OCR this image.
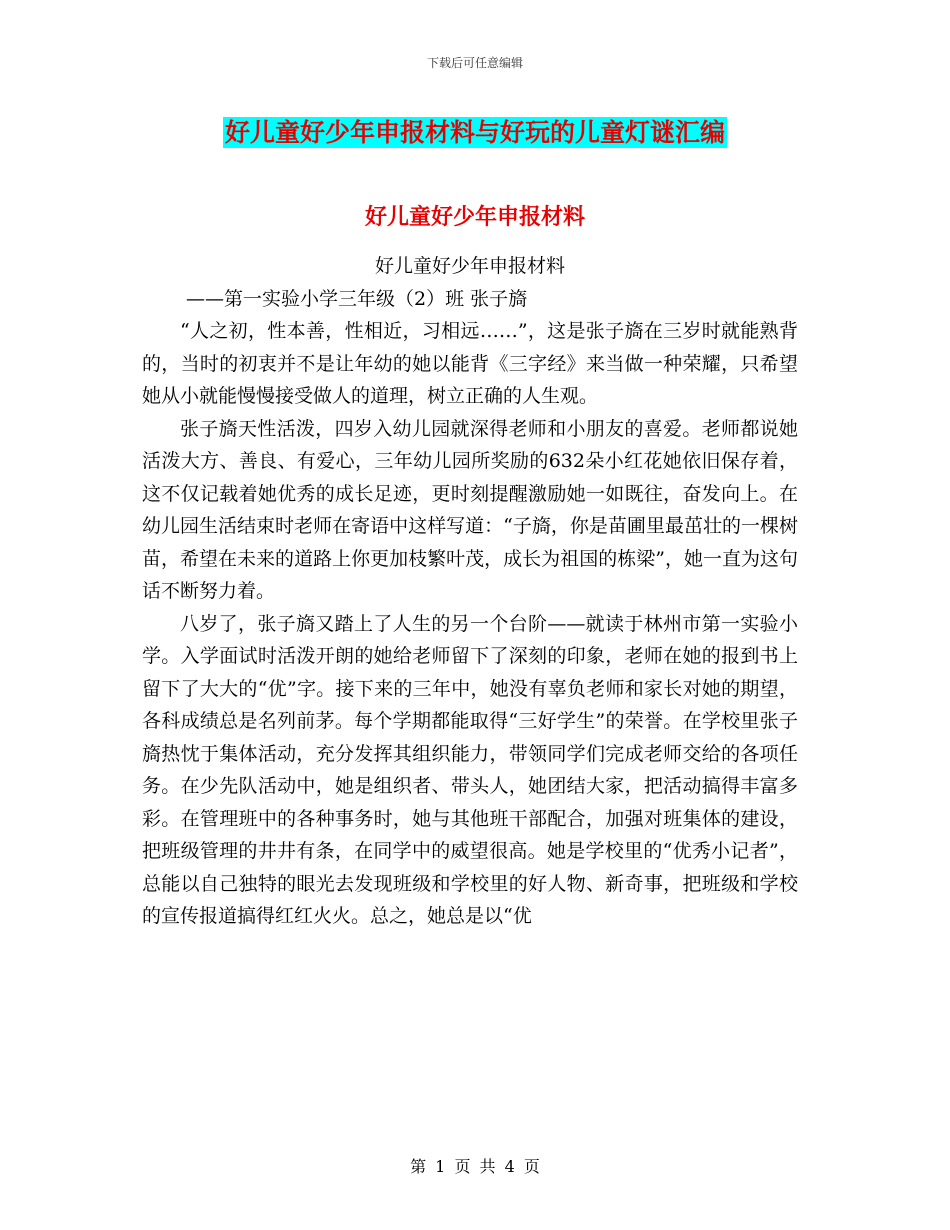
下载后可任意编辑
好儿童好少年申报材料与好玩的儿童灯谜汇编
好儿童好少年申报材料

好儿童好少年申报材料

——第一实验小学三年级（2）班 张子旖

“人之初，性本善，性相近，习相远……”，这是张子旖在三岁时就能熟背的，当时的初衷并不是让年幼的她以能背《三字经》来当做一种荣耀，只希望她从小就能慢慢接受做人的道理，树立正确的人生观。

张子旖天性活泼，四岁入幼儿园就深得老师和小朋友的喜爱。老师都说她活泼大方、善良、有爱心，三年幼儿园所奖励的632朵小红花她依旧保存着，这不仅记载着她优秀的成长足迹，更时刻提醒激励她一如既往，奋发向上。在幼儿园生活结束时老师在寄语中这样写道：“子旖，你是苗圃里最茁壮的一棵树苗，希望在未来的道路上你更加枝繁叶茂，成长为祖国的栋梁”，她一直为这句话不断努力着。

八岁了，张子旖又踏上了人生的另一个台阶——就读于林州市第一实验小学。入学面试时活泼开朗的她给老师留下了深刻的印象，老师在她的报到书上留下了大大的“优”字。接下来的三年中，她没有辜负老师和家长对她的期望，各科成绩总是名列前茅。每个学期都能取得“三好学生”的荣誉。在学校里张子旖热忱于集体活动，充分发挥其组织能力，带领同学们完成老师交给的各项任务。在少先队活动中，她是组织者、带头人，她团结大家，把活动搞得丰富多彩。在管理班中的各种事务时，她与其他班干部配合，加强对班集体的建设，把班级管理的井井有条，在同学中的威望很高。她是学校里的“优秀小记者”，总能以自己独特的眼光去发现班级和学校里的好人物、新奇事，把班级和学校的宣传报道搞得红红火火。总之，她总是以“优

第 1 页 共 4 页
